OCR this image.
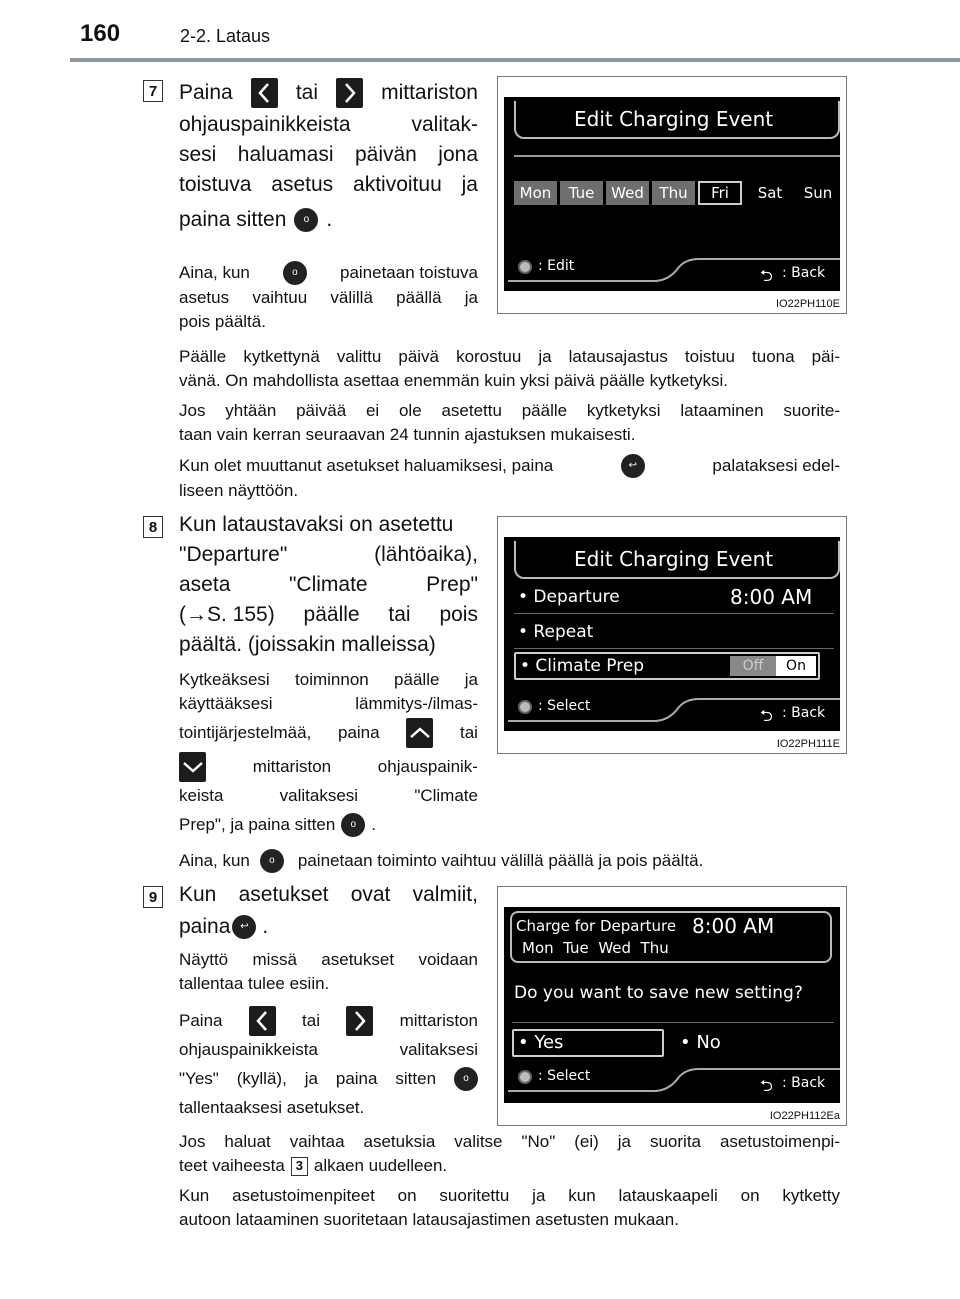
160	2-2. Lataus
7 Paina	tai	mittariston
ohjauspainikkeista	valitak-
sesi haluamasi päivän jona
toistuva asetus aktivoituu ja
paina sitten	o .
Aina, kun	o	painetaan toistuva
asetus vaihtuu välillä päällä ja
pois päältä.
Edit Charging Event
Mon	Tue	Wed	Thu	Fri	Sat	Sun
: Edit
⮌ : Back
IO22PH110E
Päälle kytkettynä valittu päivä korostuu ja latausajastus toistuu tuona päi-
vänä. On mahdollista asettaa enemmän kuin yksi päivä päälle kytketyksi.
Jos yhtään päivää ei ole asetettu päälle kytketyksi lataaminen suorite-
taan vain kerran seuraavan 24 tunnin ajastuksen mukaisesti.
Kun olet muuttanut asetukset haluamiksesi, paina	↩	palataksesi edel-
liseen näyttöön.
8 Kun lataustavaksi on asetettu
"Departure"	(lähtöaika),
aseta	"Climate	Prep"
(→S. 155) päälle tai pois
päältä. (joissakin malleissa)
Kytkeäksesi toiminnon päälle ja
käyttääksesi	lämmitys-/ilmas-
tointijärjestelmää, paina	tai
mittariston	ohjauspainik-
keista	valitaksesi	"Climate
Prep", ja paina sitten	o .
Edit Charging Event
• Departure	8:00 AM
• Repeat
• Climate Prep	Off	On
: Select
⮌ : Back
IO22PH111E
Aina, kun	o	painetaan toiminto vaihtuu välillä päällä ja pois päältä.
9 Kun asetukset ovat valmiit,
paina ↩ .
Näyttö missä asetukset voidaan
tallentaa tulee esiin.
Paina	tai	mittariston
ohjauspainikkeista	valitaksesi
"Yes" (kyllä), ja paina sitten	o
tallentaaksesi asetukset.
Charge for Departure 8:00 AM
Mon  Tue  Wed  Thu
Do you want to save new setting?
• Yes	• No
: Select
⮌ : Back
IO22PH112Ea
Jos haluat vaihtaa asetuksia valitse "No" (ei) ja suorita asetustoimenpi-
teet vaiheesta 3 alkaen uudelleen.
Kun asetustoimenpiteet on suoritettu ja kun latauskaapeli on kytketty
autoon lataaminen suoritetaan latausajastimen asetusten mukaan.
